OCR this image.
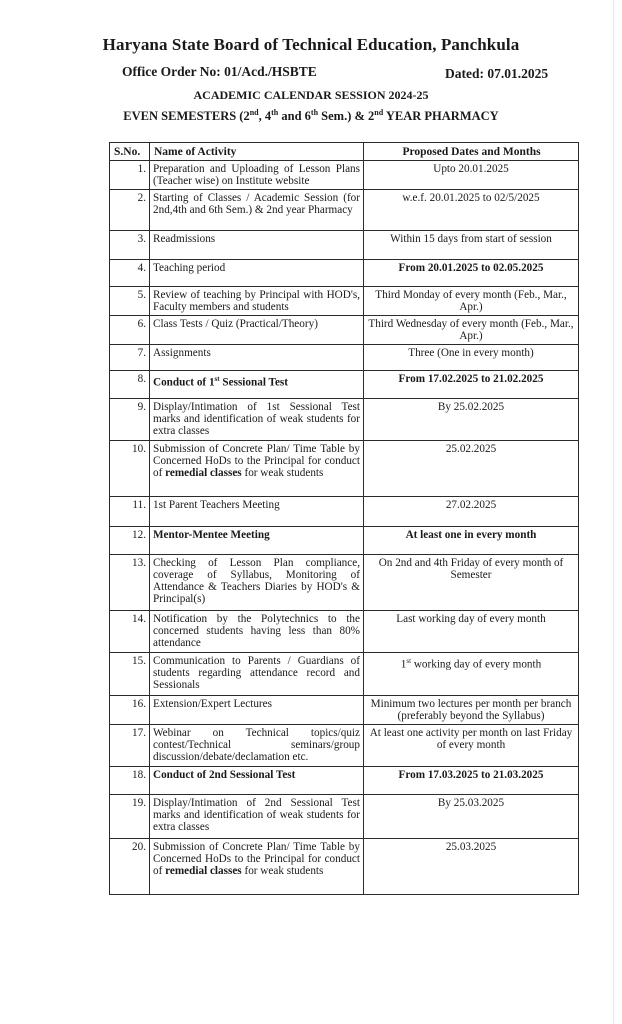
Haryana State Board of Technical Education, Panchkula
Office Order No: 01/Acd./HSBTE	Dated: 07.01.2025
ACADEMIC CALENDAR SESSION 2024-25
EVEN SEMESTERS (2nd, 4th and 6th Sem.) & 2nd YEAR PHARMACY
S.No.	Name of Activity	Proposed Dates and Months
1.	Preparation and Uploading of Lesson Plans (Teacher wise) on Institute website	Upto 20.01.2025
2.	Starting of Classes / Academic Session (for 2nd,4th and 6th Sem.) & 2nd year Pharmacy	w.e.f. 20.01.2025 to 02/5/2025
3.	Readmissions	Within 15 days from start of session
4.	Teaching period	From 20.01.2025 to 02.05.2025
5.	Review of teaching by Principal with HOD's, Faculty members and students	Third Monday of every month (Feb., Mar., Apr.)
6.	Class Tests / Quiz (Practical/Theory)	Third Wednesday of every month (Feb., Mar., Apr.)
7.	Assignments	Three (One in every month)
8.	Conduct of 1st Sessional Test	From 17.02.2025 to 21.02.2025
9.	Display/Intimation of 1st Sessional Test marks and identification of weak students for extra classes	By 25.02.2025
10.	Submission of Concrete Plan/ Time Table by Concerned HoDs to the Principal for conduct of remedial classes for weak students	25.02.2025
11.	1st Parent Teachers Meeting	27.02.2025
12.	Mentor-Mentee Meeting	At least one in every month
13.	Checking of Lesson Plan compliance, coverage of Syllabus, Monitoring of Attendance & Teachers Diaries by HOD's & Principal(s)	On 2nd and 4th Friday of every month of Semester
14.	Notification by the Polytechnics to the concerned students having less than 80% attendance	Last working day of every month
15.	Communication to Parents / Guardians of students regarding attendance record and Sessionals	1st working day of every month
16.	Extension/Expert Lectures	Minimum two lectures per month per branch (preferably beyond the Syllabus)
17.	Webinar on Technical topics/quiz contest/Technical seminars/group discussion/debate/declamation etc.	At least one activity per month on last Friday of every month
18.	Conduct of 2nd Sessional Test	From 17.03.2025 to 21.03.2025
19.	Display/Intimation of 2nd Sessional Test marks and identification of weak students for extra classes	By 25.03.2025
20.	Submission of Concrete Plan/ Time Table by Concerned HoDs to the Principal for conduct of remedial classes for weak students	25.03.2025
